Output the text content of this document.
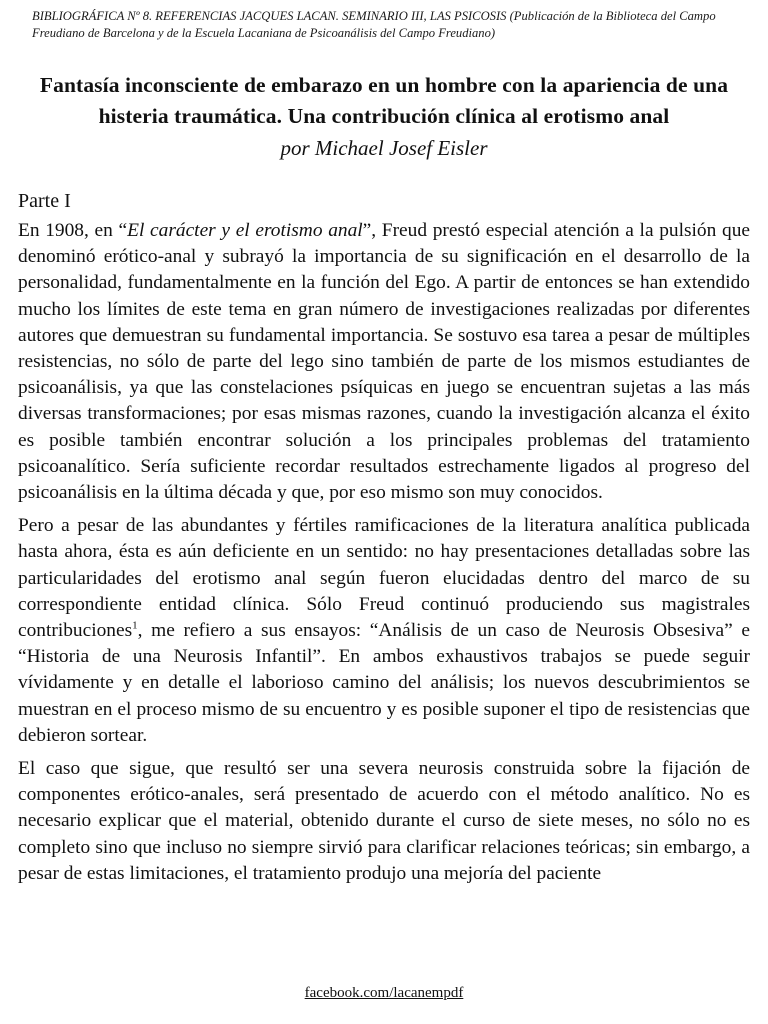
BIBLIOGRÁFICA Nº 8. REFERENCIAS JACQUES LACAN. SEMINARIO III, LAS PSICOSIS (Publicación de la Biblioteca del Campo Freudiano de Barcelona y de la Escuela Lacaniana de Psicoanálisis del Campo Freudiano)
Fantasía inconsciente de embarazo en un hombre con la apariencia de una histeria traumática. Una contribución clínica al erotismo anal
por Michael Josef Eisler
Parte I

En 1908, en “El carácter y el erotismo anal”, Freud prestó especial atención a la pulsión que denominó erótico-anal y subrayó la importancia de su significación en el desarrollo de la personalidad, fundamentalmente en la función del Ego. A partir de entonces se han extendido mucho los límites de este tema en gran número de investigaciones realizadas por diferentes autores que demuestran su fundamental importancia. Se sostuvo esa tarea a pesar de múltiples resistencias, no sólo de parte del lego sino también de parte de los mismos estudiantes de psicoanálisis, ya que las constelaciones psíquicas en juego se encuentran sujetas a las más diversas transformaciones; por esas mismas razones, cuando la investigación alcanza el éxito es posible también encontrar solución a los principales problemas del tratamiento psicoanalítico. Sería suficiente recordar resultados estrechamente ligados al progreso del psicoanálisis en la última década y que, por eso mismo son muy conocidos.

Pero a pesar de las abundantes y fértiles ramificaciones de la literatura analítica publicada hasta ahora, ésta es aún deficiente en un sentido: no hay presentaciones detalladas sobre las particularidades del erotismo anal según fueron elucidadas dentro del marco de su correspondiente entidad clínica. Sólo Freud continuó produciendo sus magistrales contribuciones$^1$, me refiero a sus ensayos: “Análisis de un caso de Neurosis Obsesiva” e “Historia de una Neurosis Infantil”. En ambos exhaustivos trabajos se puede seguir vívidamente y en detalle el laborioso camino del análisis; los nuevos descubrimientos se muestran en el proceso mismo de su encuentro y es posible suponer el tipo de resistencias que debieron sortear.

El caso que sigue, que resultó ser una severa neurosis construida sobre la fijación de componentes erótico-anales, será presentado de acuerdo con el método analítico. No es necesario explicar que el material, obtenido durante el curso de siete meses, no sólo no es completo sino que incluso no siempre sirvió para clarificar relaciones teóricas; sin embargo, a pesar de estas limitaciones, el tratamiento produjo una mejoría del paciente

facebook.com/lacanempdf
